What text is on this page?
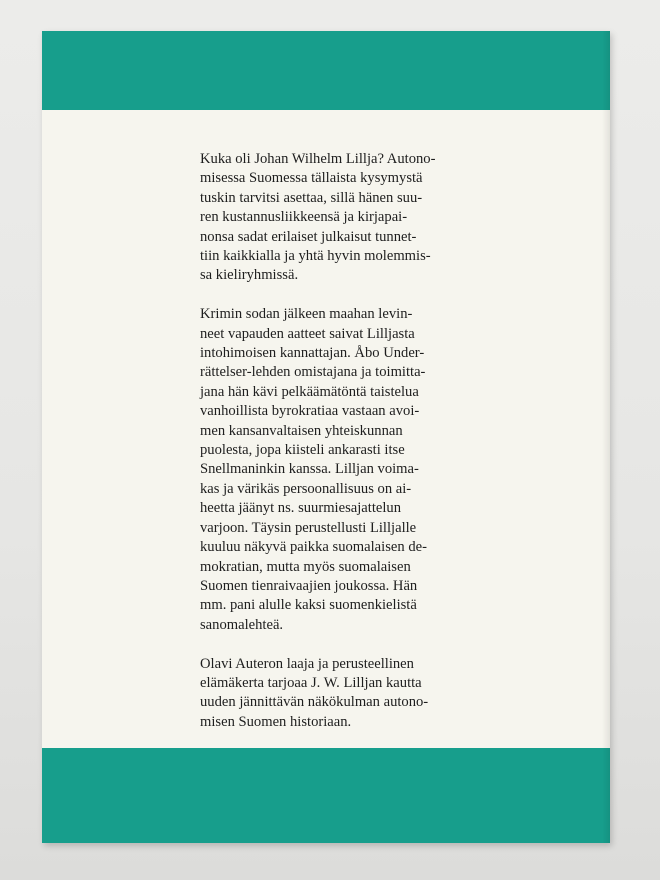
Kuka oli Johan Wilhelm Lillja? Autono-
misessa Suomessa tällaista kysymystä
tuskin tarvitsi asettaa, sillä hänen suu-
ren kustannusliikkeensä ja kirjapai-
nonsa sadat erilaiset julkaisut tunnet-
tiin kaikkialla ja yhtä hyvin molemmis-
sa kieliryhmissä.

Krimin sodan jälkeen maahan levin-
neet vapauden aatteet saivat Lilljasta
intohimoisen kannattajan. Åbo Under-
rättelser-lehden omistajana ja toimitta-
jana hän kävi pelkäämätöntä taistelua
vanhoillista byrokratiaa vastaan avoi-
men kansanvaltaisen yhteiskunnan
puolesta, jopa kiisteli ankarasti itse
Snellmaninkin kanssa. Lilljan voima-
kas ja värikäs persoonallisuus on ai-
heetta jäänyt ns. suurmiesajattelun
varjoon. Täysin perustellusti Lilljalle
kuuluu näkyvä paikka suomalaisen de-
mokratian, mutta myös suomalaisen
Suomen tienraivaajien joukossa. Hän
mm. pani alulle kaksi suomenkielistä
sanomalehteä.

Olavi Auteron laaja ja perusteellinen
elämäkerta tarjoaa J. W. Lilljan kautta
uuden jännittävän näkökulman autono-
misen Suomen historiaan.
